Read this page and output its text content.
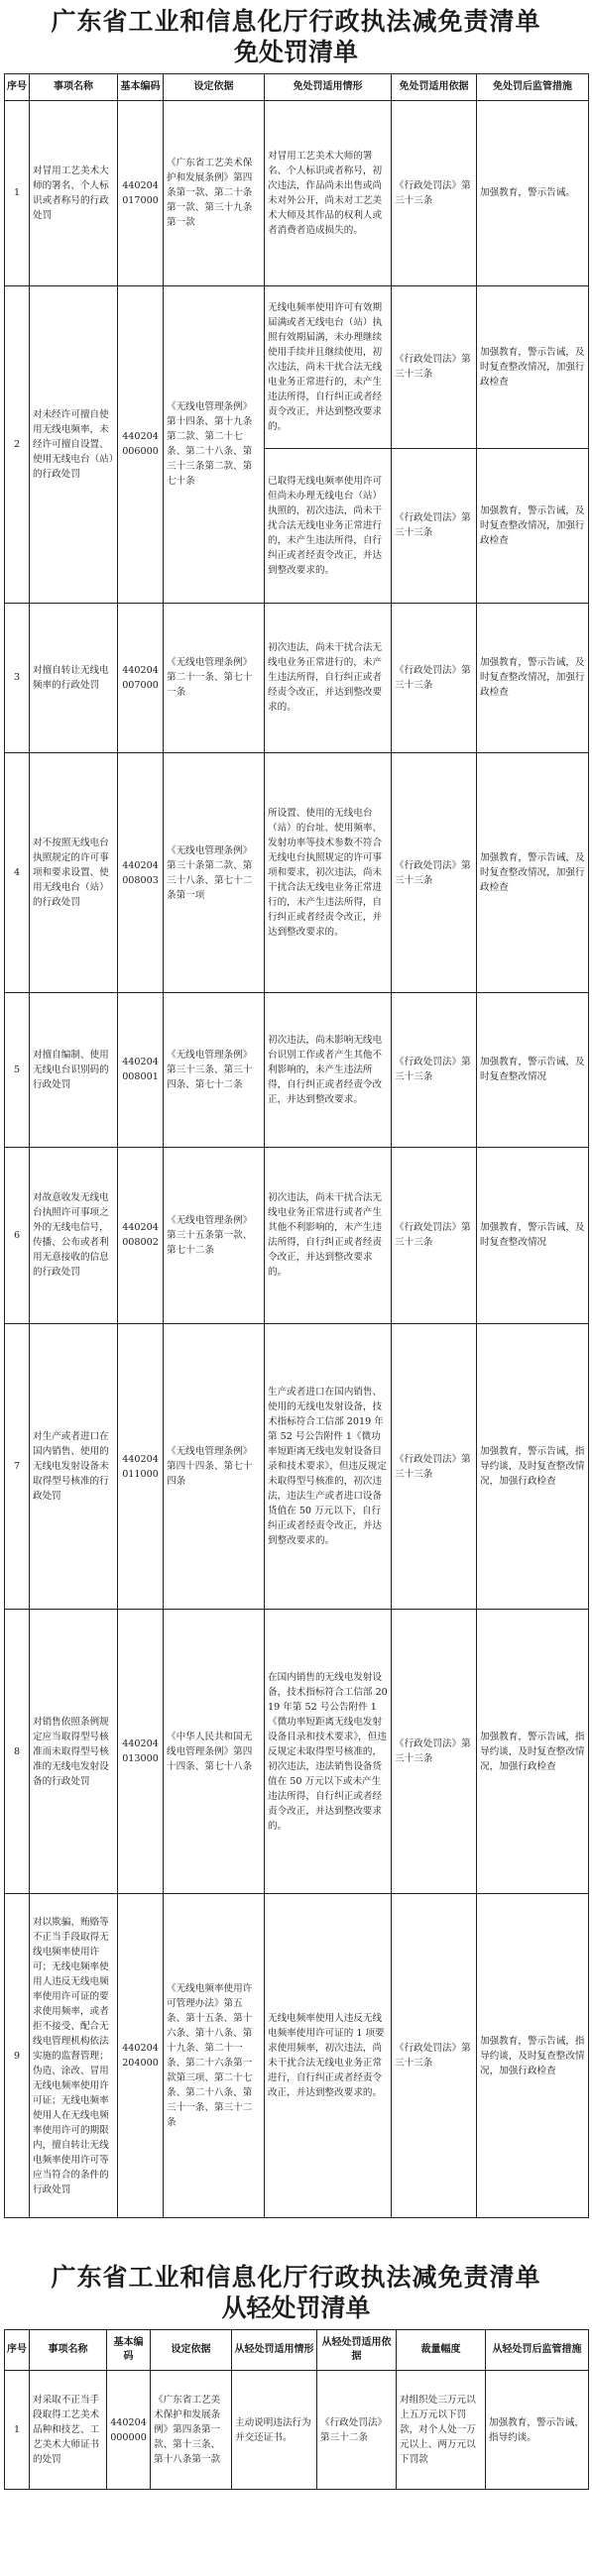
广东省工业和信息化厅行政执法减免责清单
免处罚清单
序号	事项名称	基本编码	设定依据	免处罚适用情形	免处罚适用依据	免处罚后监管措施
1	对冒用工艺美术大师的署名、个人标识或者称号的行政处罚	440204017000	《广东省工艺美术保护和发展条例》第四条第一款、第二十条第一款、第三十九条第一款	对冒用工艺美术大师的署名、个人标识或者称号，初次违法，作品尚未出售或尚未对外公开，尚未对工艺美术大师及其作品的权利人或者消费者造成损失的。	《行政处罚法》第三十三条	加强教育，警示告诫。
2	对未经许可擅自使用无线电频率，未经许可擅自设置、使用无线电台（站）的行政处罚	440204006000	《无线电管理条例》第十四条、第十九条第二款、第二十七条、第二十八条、第三十三条第二款、第七十条	无线电频率使用许可有效期届满或者无线电台（站）执照有效期届满，未办理继续使用手续并且继续使用，初次违法，尚未干扰合法无线电业务正常进行的，未产生违法所得，自行纠正或者经责令改正，并达到整改要求的。	《行政处罚法》第三十三条	加强教育，警示告诫，及时复查整改情况，加强行政检查
				已取得无线电频率使用许可但尚未办理无线电台（站）执照的，初次违法，尚未干扰合法无线电业务正常进行的，未产生违法所得，自行纠正或者经责令改正，并达到整改要求的。	《行政处罚法》第三十三条	加强教育，警示告诫，及时复查整改情况，加强行政检查
3	对擅自转让无线电频率的行政处罚	440204007000	《无线电管理条例》第二十一条、第七十一条	初次违法，尚未干扰合法无线电业务正常进行的，未产生违法所得，自行纠正或者经责令改正，并达到整改要求的。	《行政处罚法》第三十三条	加强教育，警示告诫，及时复查整改情况，加强行政检查
4	对不按照无线电台执照规定的许可事项和要求设置、使用无线电台（站）的行政处罚	440204008003	《无线电管理条例》第三十条第二款、第三十八条、第七十二条第一项	所设置、使用的无线电台（站）的台址、使用频率、发射功率等技术参数不符合无线电台执照规定的许可事项和要求，初次违法，尚未干扰合法无线电业务正常进行的，未产生违法所得，自行纠正或者经责令改正，并达到整改要求的。	《行政处罚法》第三十三条	加强教育，警示告诫，及时复查整改情况，加强行政检查
5	对擅自编制、使用无线电台识别码的行政处罚	440204008001	《无线电管理条例》第三十三条、第三十四条、第七十二条	初次违法，尚未影响无线电台识别工作或者产生其他不利影响的，未产生违法所得，自行纠正或者经责令改正，并达到整改要求。	《行政处罚法》第三十三条	加强教育，警示告诫，及时复查整改情况
6	对故意收发无线电台执照许可事项之外的无线电信号，传播、公布或者利用无意接收的信息的行政处罚	440204008002	《无线电管理条例》第三十五条第一款、第七十二条	初次违法，尚未干扰合法无线电业务正常进行或者产生其他不利影响的，未产生违法所得，自行纠正或者经责令改正，并达到整改要求的。	《行政处罚法》第三十三条	加强教育，警示告诫，及时复查整改情况
7	对生产或者进口在国内销售、使用的无线电发射设备未取得型号核准的行政处罚	440204011000	《无线电管理条例》第四十四条、第七十四条	生产或者进口在国内销售、使用的无线电发射设备，技术指标符合工信部 2019 年第 52 号公告附件 1《微功率短距离无线电发射设备目录和技术要求》，但违反规定未取得型号核准的，初次违法，违法生产或者进口设备货值在 50 万元以下，自行纠正或者经责令改正，并达到整改要求的。	《行政处罚法》第三十三条	加强教育，警示告诫，指导约谈，及时复查整改情况，加强行政检查
8	对销售依照条例规定应当取得型号核准而未取得型号核准的无线电发射设备的行政处罚	440204013000	《中华人民共和国无线电管理条例》第四十四条、第七十八条	在国内销售的无线电发射设备，技术指标符合工信部 2019 年第 52 号公告附件 1《微功率短距离无线电发射设备目录和技术要求》，但违反规定未取得型号核准的，初次违法，违法销售设备货值在 50 万元以下或未产生违法所得，自行纠正或者经责令改正，并达到整改要求的。	《行政处罚法》第三十三条	加强教育，警示告诫，指导约谈，及时复查整改情况，加强行政检查
9	对以欺骗、贿赂等不正当手段取得无线电频率使用许可；无线电频率使用人违反无线电频率使用许可证的要求使用频率，或者拒不接受、配合无线电管理机构依法实施的监督管理；伪造、涂改、冒用无线电频率使用许可证；无线电频率使用人在无线电频率使用许可的期限内，擅自转让无线电频率使用许可等应当符合的条件的行政处罚	440204204000	《无线电频率使用许可管理办法》第五条、第十五条、第十六条、第十八条、第十九条、第二十一条、第二十六条第一款第三项、第二十七条、第二十八条、第三十一条、第三十二条	无线电频率使用人违反无线电频率使用许可证的 1 项要求使用频率，初次违法，尚未干扰合法无线电业务正常进行，自行纠正或者经责令改正，并达到整改要求的。	《行政处罚法》第三十三条	加强教育，警示告诫，指导约谈，及时复查整改情况，加强行政检查
广东省工业和信息化厅行政执法减免责清单
从轻处罚清单
序号	事项名称	基本编码	设定依据	从轻处罚适用情形	从轻处罚适用依据	裁量幅度	从轻处罚后监管措施
1	对采取不正当手段取得工艺美术品种和技艺、工艺美术大师证书的处罚	440204000000	《广东省工艺美术保护和发展条例》第四条第一款、第十三条、第十八条第一款	主动说明违法行为并交还证书。	《行政处罚法》第三十二条	对组织处三万元以上五万元以下罚款，对个人处一万元以上、两万元以下罚款	加强教育，警示告诫，指导约谈。
